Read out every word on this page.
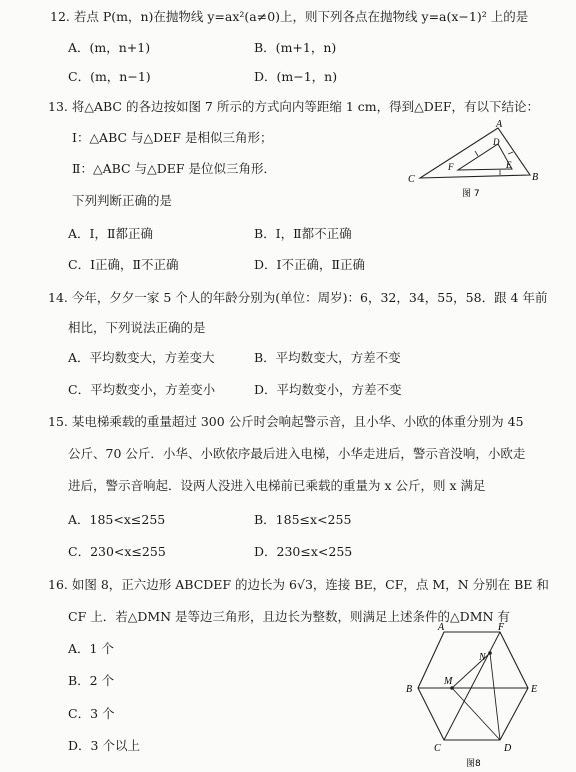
12. 若点 P(m，n)在抛物线 y=ax²(a≠0)上，则下列各点在抛物线 y=a(x−1)² 上的是
A．(m，n+1)	B．(m+1，n)
C．(m，n−1)	D．(m−1，n)
13. 将△ABC 的各边按如图 7 所示的方式向内等距缩 1 cm，得到△DEF，有以下结论：
Ⅰ：△ABC 与△DEF 是相似三角形；
Ⅱ：△ABC 与△DEF 是位似三角形．
下列判断正确的是
A．Ⅰ，Ⅱ都正确	B．Ⅰ，Ⅱ都不正确
C．Ⅰ正确，Ⅱ不正确	D．Ⅰ不正确，Ⅱ正确
A
B
C
D
E
F
图 7
14. 今年，夕夕一家 5 个人的年龄分别为(单位：周岁)：6，32，34，55，58．跟 4 年前
相比，下列说法正确的是
A．平均数变大，方差变大	B．平均数变大，方差不变
C．平均数变小，方差变小	D．平均数变小，方差不变
15. 某电梯乘载的重量超过 300 公斤时会响起警示音，且小华、小欧的体重分别为 45
公斤、70 公斤．小华、小欧依序最后进入电梯，小华走进后，警示音没响，小欧走
进后，警示音响起．设两人没进入电梯前已乘载的重量为 x 公斤，则 x 满足
A．185<x≤255	B．185≤x<255
C．230<x≤255	D．230≤x<255
16. 如图 8，正六边形 ABCDEF 的边长为 6√3，连接 BE，CF，点 M，N 分别在 BE 和
CF 上．若△DMN 是等边三角形，且边长为整数，则满足上述条件的△DMN 有
A．1 个
B．2 个
C．3 个
D．3 个以上
A	F
B	E
C	D
M
N
图8
